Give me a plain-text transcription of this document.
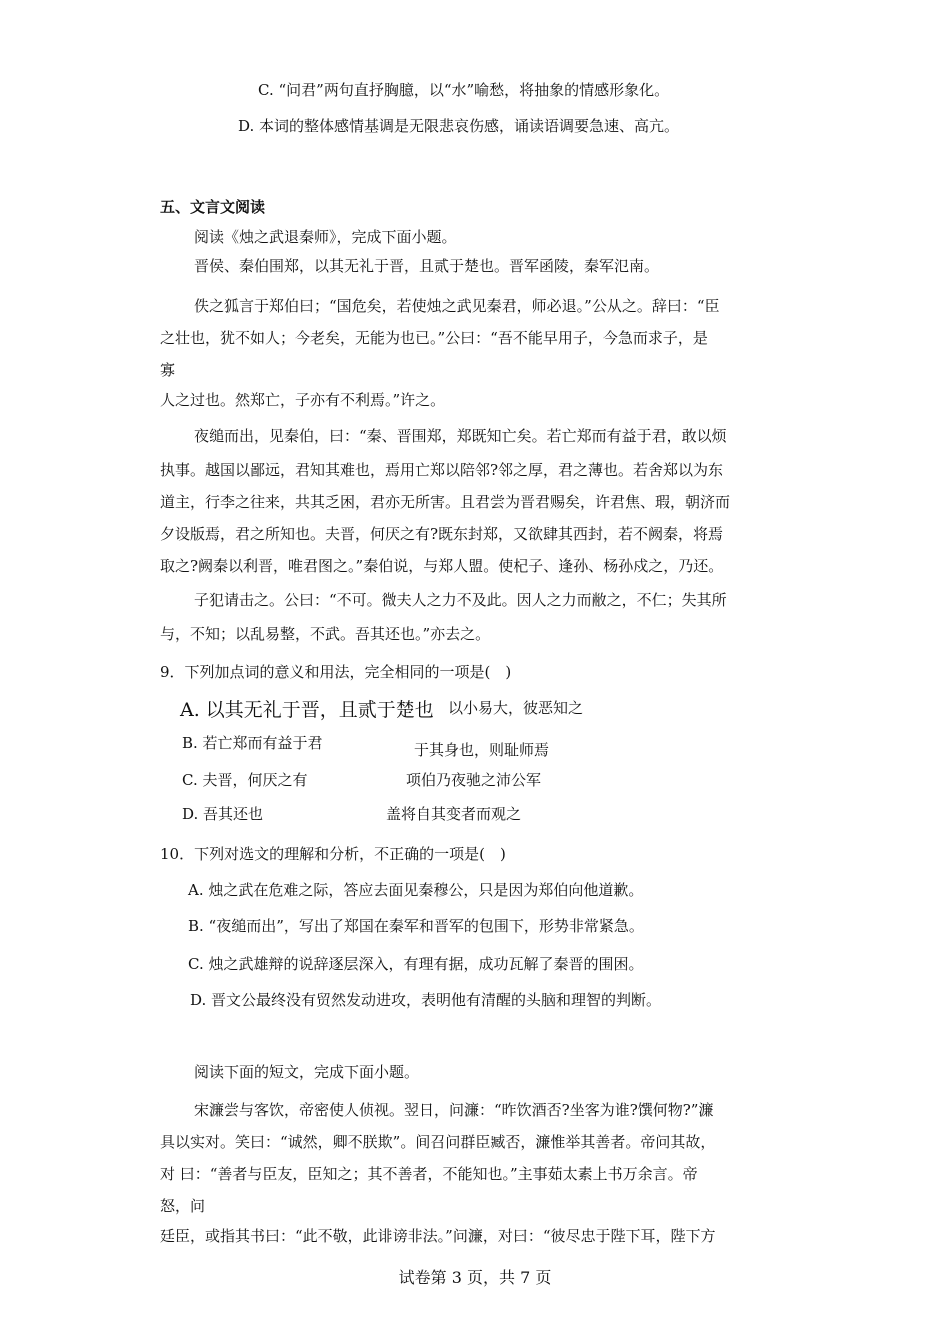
C. “问君”两句直抒胸臆，以“水”喻愁，将抽象的情感形象化。
D. 本词的整体感情基调是无限悲哀伤感，诵读语调要急速、高亢。
五、文言文阅读
阅读《烛之武退秦师》，完成下面小题。
晋侯、秦伯围郑，以其无礼于晋，且贰于楚也。晋军函陵，秦军氾南。
佚之狐言于郑伯曰；“国危矣，若使烛之武见秦君，师必退。”公从之。辞曰：“臣
之壮也，犹不如人；今老矣，无能为也已。”公曰：“吾不能早用子，今急而求子，是
寡
人之过也。然郑亡，子亦有不利焉。”许之。
夜缒而出，见秦伯，曰：“秦、晋围郑，郑既知亡矣。若亡郑而有益于君，敢以烦
执事。越国以鄙远，君知其难也，焉用亡郑以陪邻?邻之厚，君之薄也。若舍郑以为东
道主，行李之往来，共其乏困，君亦无所害。且君尝为晋君赐矣，许君焦、瑕，朝济而
夕设版焉，君之所知也。夫晋，何厌之有?既东封郑，又欲肆其西封，若不阙秦，将焉
取之?阙秦以利晋，唯君图之。”秦伯说，与郑人盟。使杞子、逢孙、杨孙戍之，乃还。
子犯请击之。公曰：“不可。微夫人之力不及此。因人之力而敝之，不仁；失其所
与，不知；以乱易整，不武。吾其还也。”亦去之。
9．下列加点词的意义和用法，完全相同的一项是(　)
A. 以其无礼于晋，且贰于楚也 以小易大，彼恶知之
B. 若亡郑而有益于君	于其身也，则耻师焉
C. 夫晋，何厌之有	项伯乃夜驰之沛公军
D. 吾其还也	盖将自其变者而观之
10．下列对选文的理解和分析，不正确的一项是(　)
A. 烛之武在危难之际，答应去面见秦穆公，只是因为郑伯向他道歉。
B. “夜缒而出”，写出了郑国在秦军和晋军的包围下，形势非常紧急。
C. 烛之武雄辩的说辞逐层深入，有理有据，成功瓦解了秦晋的围困。
D. 晋文公最终没有贸然发动进攻，表明他有清醒的头脑和理智的判断。
阅读下面的短文，完成下面小题。
宋濂尝与客饮，帝密使人侦视。翌日，问濂：“昨饮酒否?坐客为谁?馔何物?”濂
具以实对。笑曰：“诚然，卿不朕欺”。间召问群臣臧否，濂惟举其善者。帝问其故，
对 曰：“善者与臣友，臣知之；其不善者，不能知也。”主事茹太素上书万余言。帝
怒，问
廷臣，或指其书曰：“此不敬，此诽谤非法。”问濂，对曰：“彼尽忠于陛下耳，陛下方
试卷第 3 页，共 7 页
